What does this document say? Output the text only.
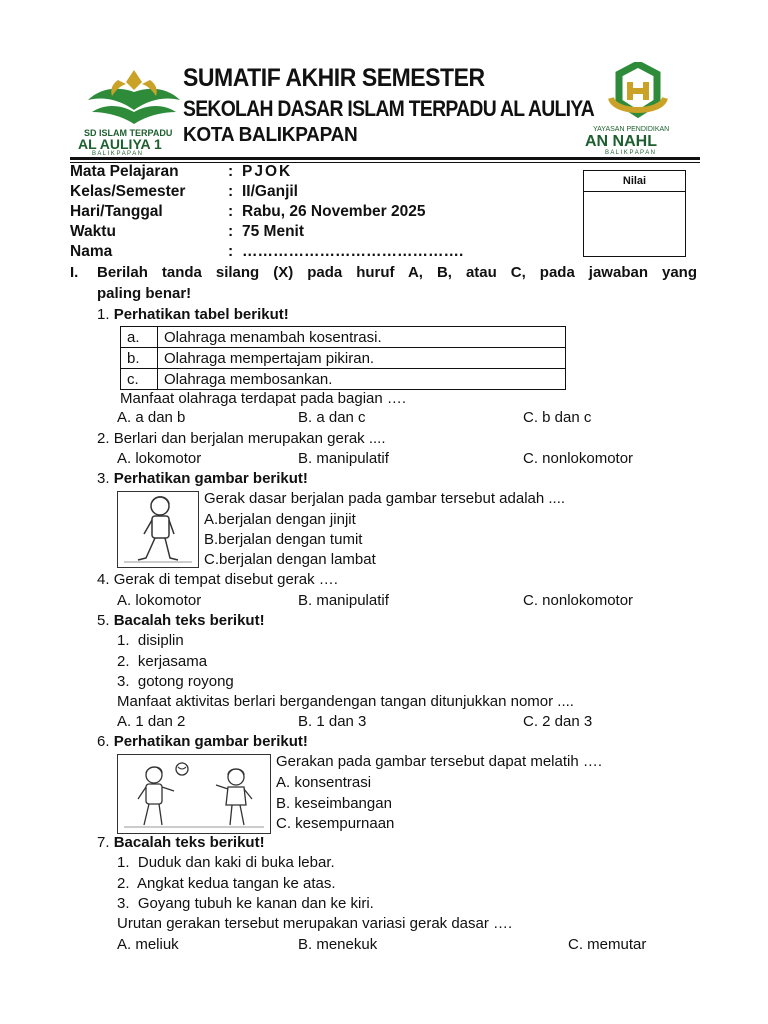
SD ISLAM TERPADU
AL AULIYA 1
B A L I K P A P A N
SUMATIF AKHIR SEMESTER
SEKOLAH DASAR ISLAM TERPADU AL AULIYA
KOTA BALIKPAPAN	YAYASAN PENDIDIKAN
AN NAHL
B A L I K P A P A N
Mata Pelajaran	: PJOK
Kelas/Semester	: II/Ganjil
Hari/Tanggal	: Rabu, 26 November 2025
Waktu	: 75 Menit
Nama	: …………………………………….
Nilai
I. Berilah tanda silang (X) pada huruf A, B, atau C, pada jawaban yang
paling benar!
1. Perhatikan tabel berikut!
a.	Olahraga menambah kosentrasi.
b.	Olahraga mempertajam pikiran.
c.	Olahraga membosankan.
Manfaat olahraga terdapat pada bagian ….
A. a dan b	B. a dan c	C. b dan c
2. Berlari dan berjalan merupakan gerak ....
A. lokomotor	B. manipulatif	C. nonlokomotor
3. Perhatikan gambar berikut!
Gerak dasar berjalan pada gambar tersebut adalah ....
A.berjalan dengan jinjit
B.berjalan dengan tumit
C.berjalan dengan lambat
4. Gerak di tempat disebut gerak ….
A. lokomotor	B. manipulatif	C. nonlokomotor
5. Bacalah teks berikut!
1. disiplin
2. kerjasama
3. gotong royong
Manfaat aktivitas berlari bergandengan tangan ditunjukkan nomor ....
A. 1 dan 2	B. 1 dan 3	C. 2 dan 3
6. Perhatikan gambar berikut!
Gerakan pada gambar tersebut dapat melatih ….
A. konsentrasi
B. keseimbangan
C. kesempurnaan
7. Bacalah teks berikut!
1. Duduk dan kaki di buka lebar.
2. Angkat kedua tangan ke atas.
3. Goyang tubuh ke kanan dan ke kiri.
Urutan gerakan tersebut merupakan variasi gerak dasar ….
A. meliuk	B. menekuk	C. memutar
